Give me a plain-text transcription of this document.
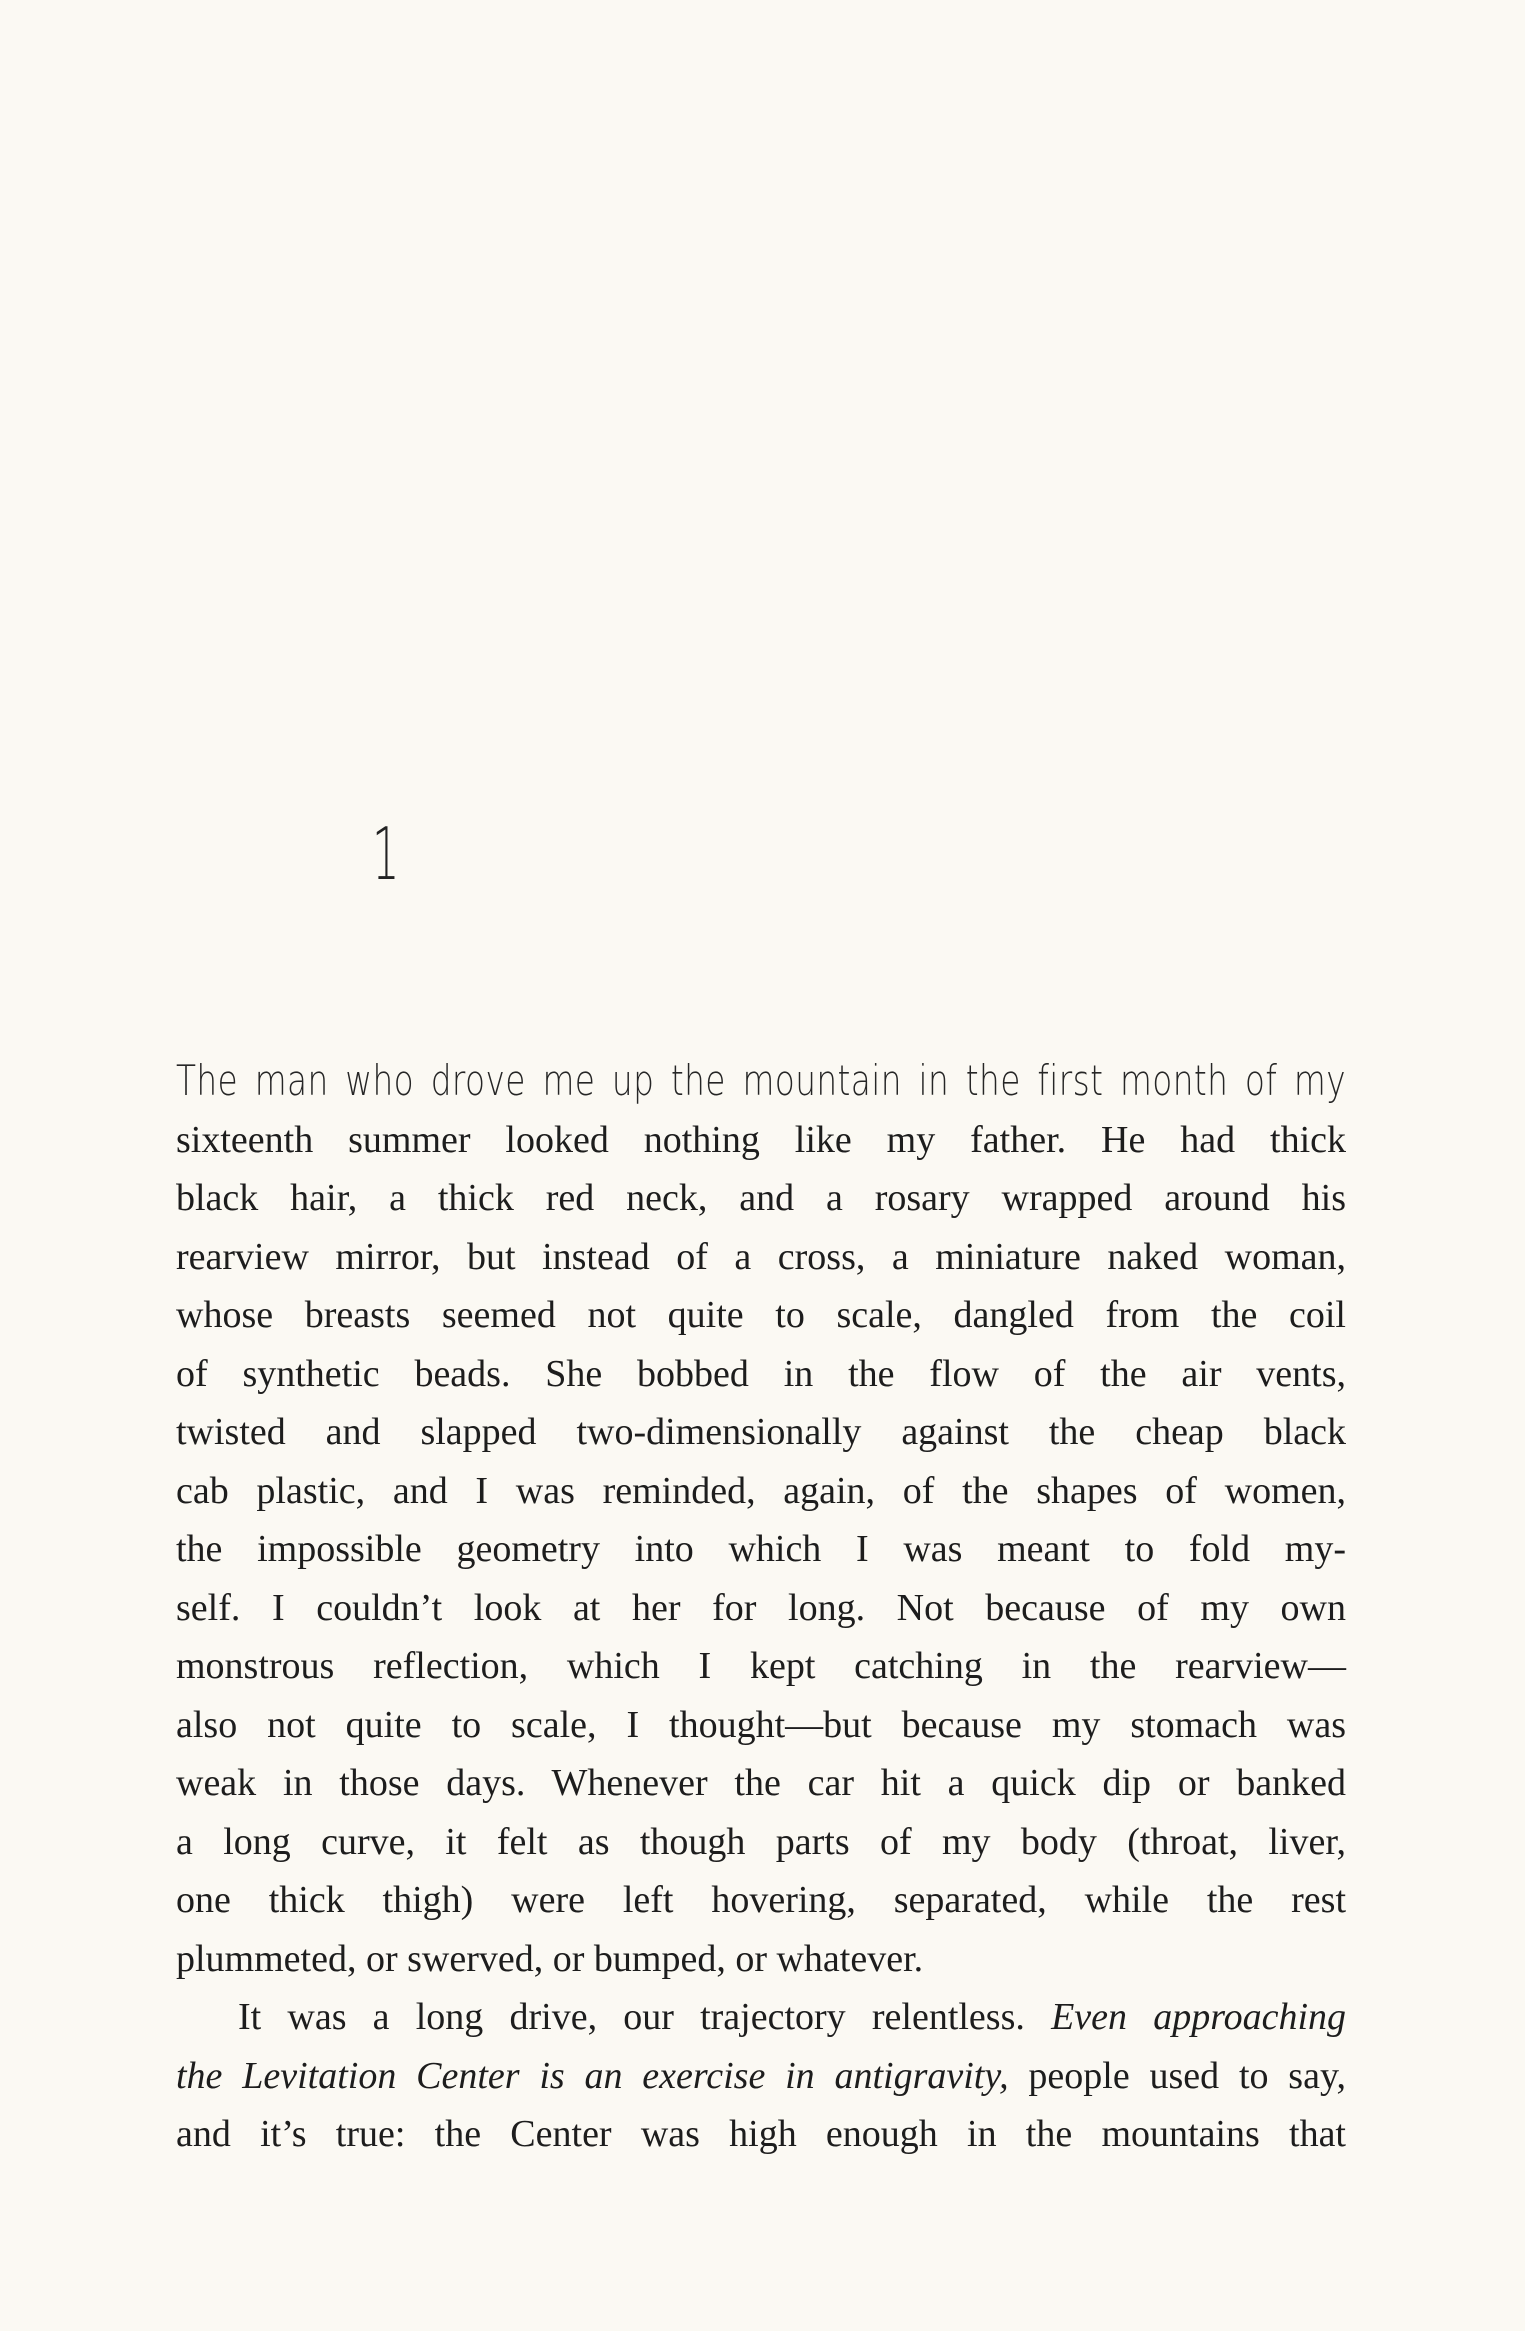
1
The man who drove me up the mountain in the first month of my
sixteenth summer looked nothing like my father. He had thick
black hair, a thick red neck, and a rosary wrapped around his
rearview mirror, but instead of a cross, a miniature naked woman,
whose breasts seemed not quite to scale, dangled from the coil
of synthetic beads. She bobbed in the flow of the air vents,
twisted and slapped two-dimensionally against the cheap black
cab plastic, and I was reminded, again, of the shapes of women,
the impossible geometry into which I was meant to fold my-
self. I couldn’t look at her for long. Not because of my own
monstrous reflection, which I kept catching in the rearview—
also not quite to scale, I thought—but because my stomach was
weak in those days. Whenever the car hit a quick dip or banked
a long curve, it felt as though parts of my body (throat, liver,
one thick thigh) were left hovering, separated, while the rest
plummeted, or swerved, or bumped, or whatever.
It was a long drive, our trajectory relentless. Even approaching
the Levitation Center is an exercise in antigravity, people used to say,
and it’s true: the Center was high enough in the mountains that
